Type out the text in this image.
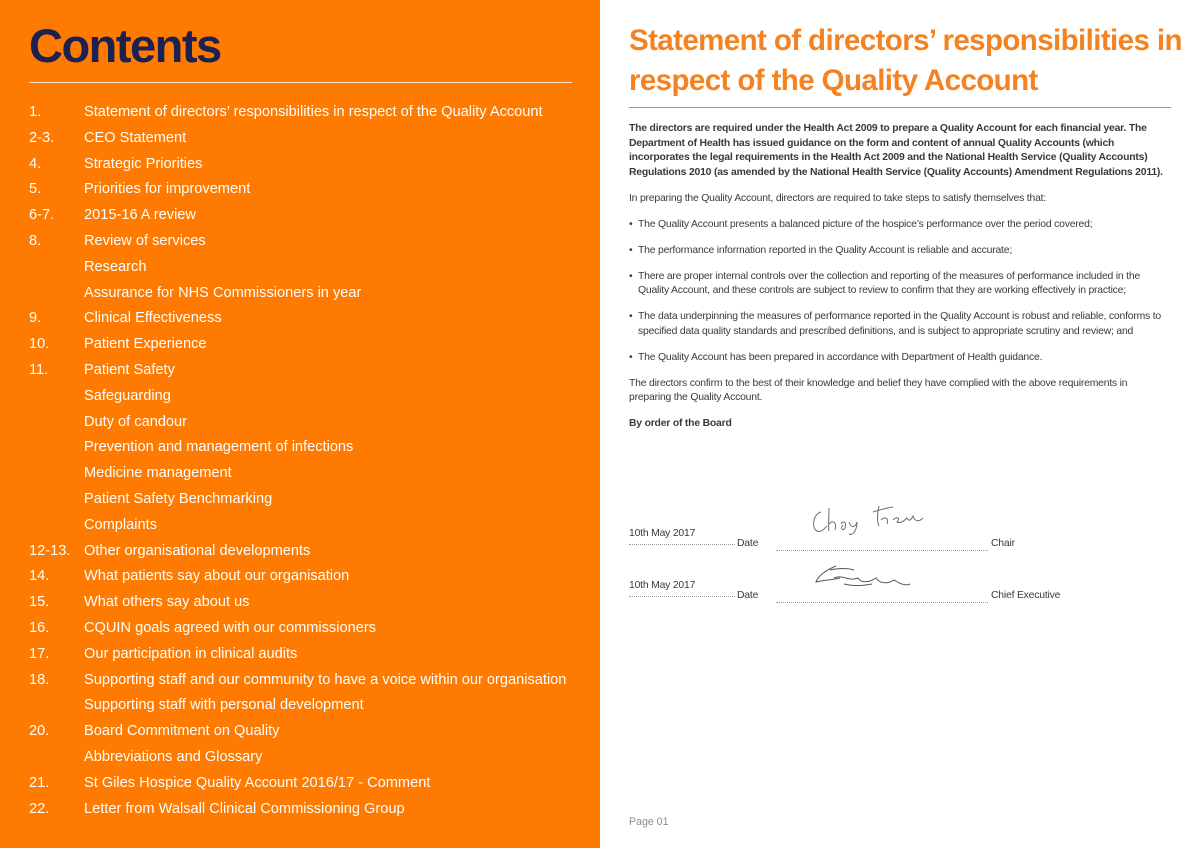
Contents
1.	Statement of directors’ responsibilities in respect of the Quality Account
2-3.	CEO Statement
4.	Strategic Priorities
5.	Priorities for improvement
6-7.	2015-16 A review
8.	Review of services
Research
Assurance for NHS Commissioners in year
9.	Clinical Effectiveness
10.	Patient Experience
11.	Patient Safety
Safeguarding
Duty of candour
Prevention and management of infections
Medicine management
Patient Safety Benchmarking
Complaints
12-13. Other organisational developments
14.	What patients say about our organisation
15.	What others say about us
16.	CQUIN goals agreed with our commissioners
17.	Our participation in clinical audits
18.	Supporting staff and our community to have a voice within our organisation
Supporting staff with personal development
20.	Board Commitment on Quality
Abbreviations and Glossary
21.	St Giles Hospice Quality Account 2016/17 - Comment
22.	Letter from Walsall Clinical Commissioning Group
Statement of directors’ responsibilities in respect of the Quality Account

The directors are required under the Health Act 2009 to prepare a Quality Account for each financial year. The Department of Health has issued guidance on the form and content of annual Quality Accounts (which incorporates the legal requirements in the Health Act 2009 and the National Health Service (Quality Accounts) Regulations 2010 (as amended by the National Health Service (Quality Accounts) Amendment Regulations 2011).

In preparing the Quality Account, directors are required to take steps to satisfy themselves that:

• The Quality Account presents a balanced picture of the hospice’s performance over the period covered;

• The performance information reported in the Quality Account is reliable and accurate;

• There are proper internal controls over the collection and reporting of the measures of performance included in the Quality Account, and these controls are subject to review to confirm that they are working effectively in practice;

• The data underpinning the measures of performance reported in the Quality Account is robust and reliable, conforms to specified data quality standards and prescribed definitions, and is subject to appropriate scrutiny and review; and

• The Quality Account has been prepared in accordance with Department of Health guidance.

The directors confirm to the best of their knowledge and belief they have complied with the above requirements in preparing the Quality Account.

By order of the Board

10th May 2017
Date	Chair
10th May 2017
Date	Chief Executive
Page 01
